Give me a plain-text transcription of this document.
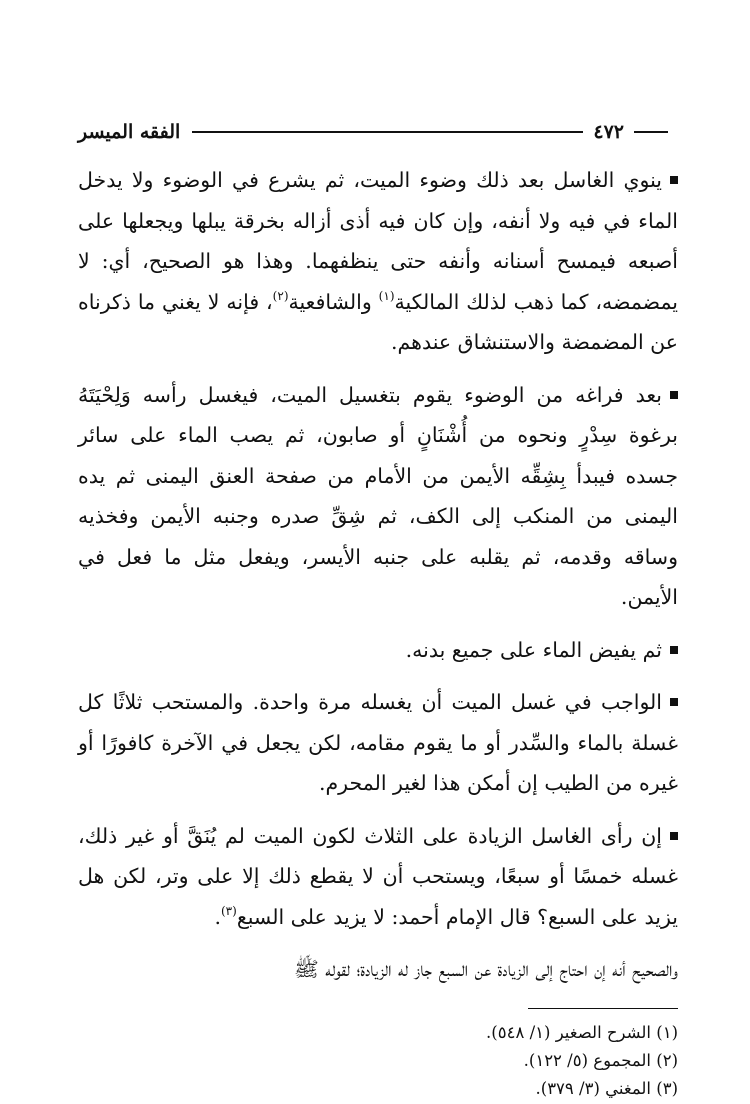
٤٧٢
الفقه الميسر

ينوي الغاسل بعد ذلك وضوء الميت، ثم يشرع في الوضوء ولا يدخل الماء في فيه ولا أنفه، وإن كان فيه أذى أزاله بخرقة يبلها ويجعلها على أصبعه فيمسح أسنانه وأنفه حتى ينظفهما. وهذا هو الصحيح، أي: لا يمضمضه، كما ذهب لذلك المالكية$^{(١)}$ والشافعية$^{(٢)}$، فإنه لا يغني ما ذكرناه عن المضمضة والاستنشاق عندهم.

بعد فراغه من الوضوء يقوم بتغسيل الميت، فيغسل رأسه وَلِحْيَتَهُ برغوة سِدْرٍ ونحوه من أُشْنَانٍ أو صابون، ثم يصب الماء على سائر جسده فيبدأ بِشِقِّه الأيمن من الأمام من صفحة العنق اليمنى ثم يده اليمنى من المنكب إلى الكف، ثم شِقِّ صدره وجنبه الأيمن وفخذيه وساقه وقدمه، ثم يقلبه على جنبه الأيسر، ويفعل مثل ما فعل في الأيمن.

ثم يفيض الماء على جميع بدنه.

الواجب في غسل الميت أن يغسله مرة واحدة. والمستحب ثلاثًا كل غسلة بالماء والسِّدر أو ما يقوم مقامه، لكن يجعل في الآخرة كافورًا أو غيره من الطيب إن أمكن هذا لغير المحرم.

إن رأى الغاسل الزيادة على الثلاث لكون الميت لم يُنَقَّ أو غير ذلك، غسله خمسًا أو سبعًا، ويستحب أن لا يقطع ذلك إلا على وتر، لكن هل يزيد على السبع؟ قال الإمام أحمد: لا يزيد على السبع$^{(٣)}$.

والصحيح أنه إن احتاج إلى الزيادة عن السبع جاز له الزيادة؛ لقوله ﷺ

(١) الشرح الصغير (١/ ٥٤٨).

(٢) المجموع (٥/ ١٢٢).

(٣) المغني (٣/ ٣٧٩).
